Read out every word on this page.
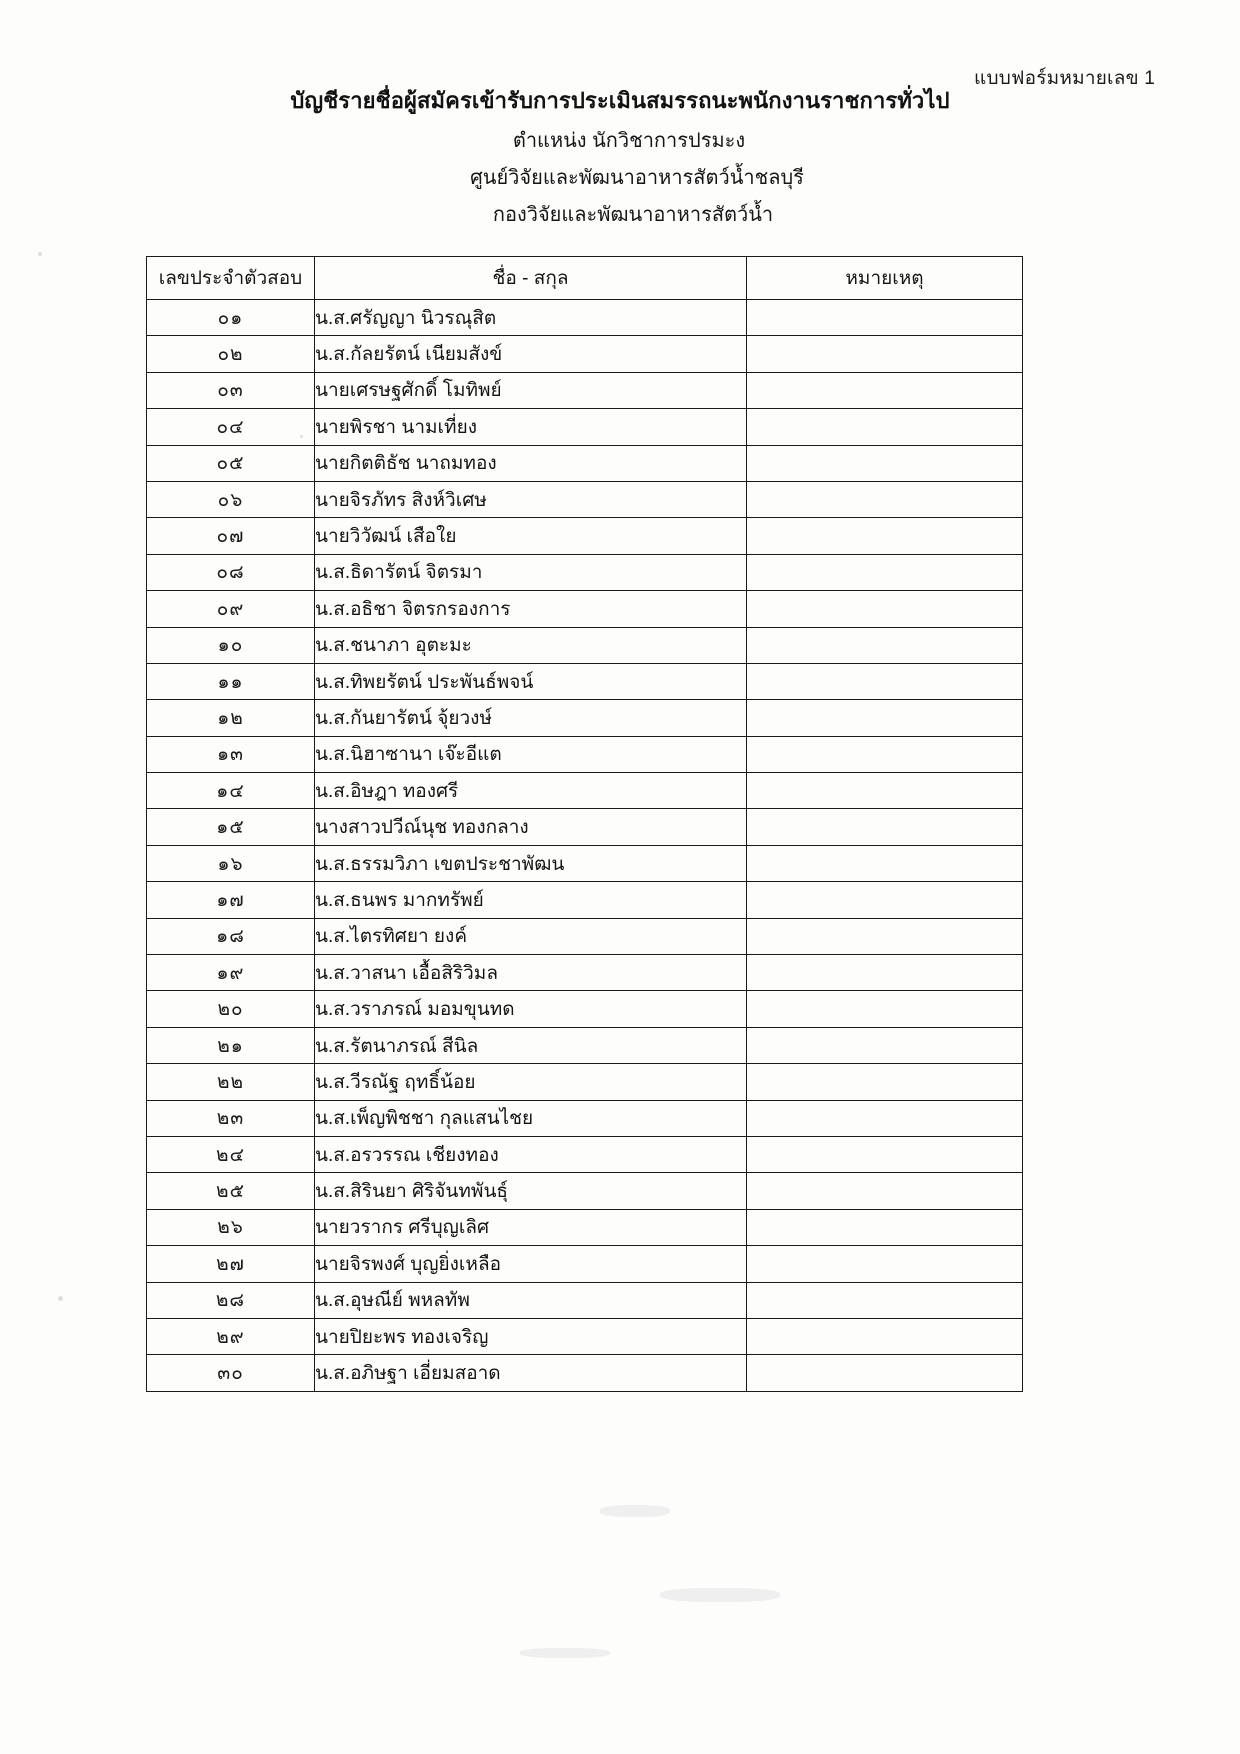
แบบฟอร์มหมายเลข 1
บัญชีรายชื่อผู้สมัครเข้ารับการประเมินสมรรถนะพนักงานราชการทั่วไป
ตำแหน่ง นักวิชาการปรมะง
ศูนย์วิจัยและพัฒนาอาหารสัตว์น้ำชลบุรี
กองวิจัยและพัฒนาอาหารสัตว์น้ำ
เลขประจำตัวสอบ	ชื่อ - สกุล	หมายเหตุ
๐๑	น.ส.ศรัญญา นิวรณุสิต	
๐๒	น.ส.กัลยรัตน์ เนียมสังข์	
๐๓	นายเศรษฐศักดิ์ โมทิพย์	
๐๔	นายพิรชา นามเที่ยง	
๐๕	นายกิตติธัช นาถมทอง	
๐๖	นายจิรภัทร สิงห์วิเศษ	
๐๗	นายวิวัฒน์ เสือใย	
๐๘	น.ส.ธิดารัตน์ จิตรมา	
๐๙	น.ส.อธิชา จิตรกรองการ	
๑๐	น.ส.ชนาภา อุตะมะ	
๑๑	น.ส.ทิพยรัตน์ ประพันธ์พจน์	
๑๒	น.ส.กันยารัตน์ จุ้ยวงษ์	
๑๓	น.ส.นิฮาซานา เจ๊ะอีแต	
๑๔	น.ส.อิษฎา ทองศรี	
๑๕	นางสาวปวีณ์นุช ทองกลาง	
๑๖	น.ส.ธรรมวิภา เขตประชาพัฒน	
๑๗	น.ส.ธนพร มากทรัพย์	
๑๘	น.ส.ไตรทิศยา ยงค์	
๑๙	น.ส.วาสนา เอื้อสิริวิมล	
๒๐	น.ส.วราภรณ์ มอมขุนทด	
๒๑	น.ส.รัตนาภรณ์ สีนิล	
๒๒	น.ส.วีรณัฐ ฤทธิ์น้อย	
๒๓	น.ส.เพ็ญพิชชา กุลแสนไชย	
๒๔	น.ส.อรวรรณ เชียงทอง	
๒๕	น.ส.สิรินยา ศิริจันทพันธุ์	
๒๖	นายวรากร ศรีบุญเลิศ	
๒๗	นายจิรพงศ์ บุญยิ่งเหลือ	
๒๘	น.ส.อุษณีย์ พหลทัพ	
๒๙	นายปิยะพร ทองเจริญ	
๓๐	น.ส.อภิษฐา เอี่ยมสอาด	
